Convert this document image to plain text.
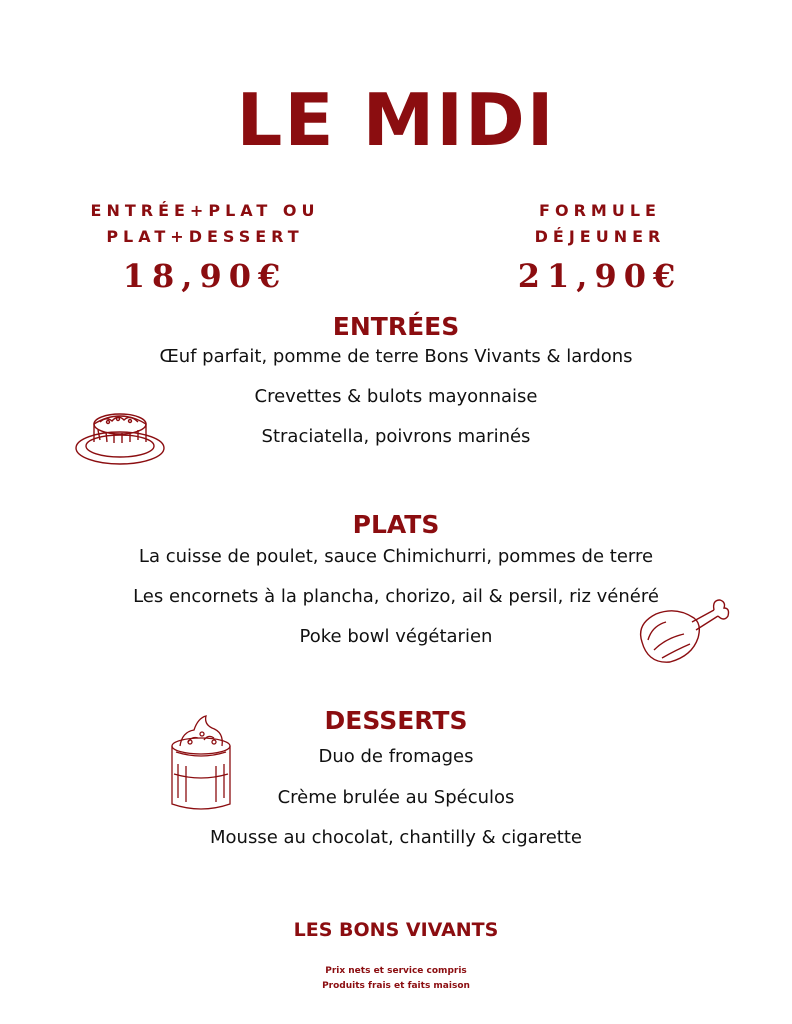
LE MIDI
ENTRÉE+PLAT OU
PLAT+DESSERT
18,90€
FORMULE
DÉJEUNER
21,90€
ENTRÉES
Œuf parfait, pomme de terre Bons Vivants & lardons
Crevettes & bulots mayonnaise
Straciatella, poivrons marinés
PLATS
La cuisse de poulet, sauce Chimichurri, pommes de terre
Les encornets à la plancha, chorizo, ail & persil, riz vénéré
Poke bowl végétarien
DESSERTS
Duo de fromages
Crème brulée au Spéculos
Mousse au chocolat, chantilly & cigarette
LES BONS VIVANTS
Prix nets et service compris
Produits frais et faits maison
